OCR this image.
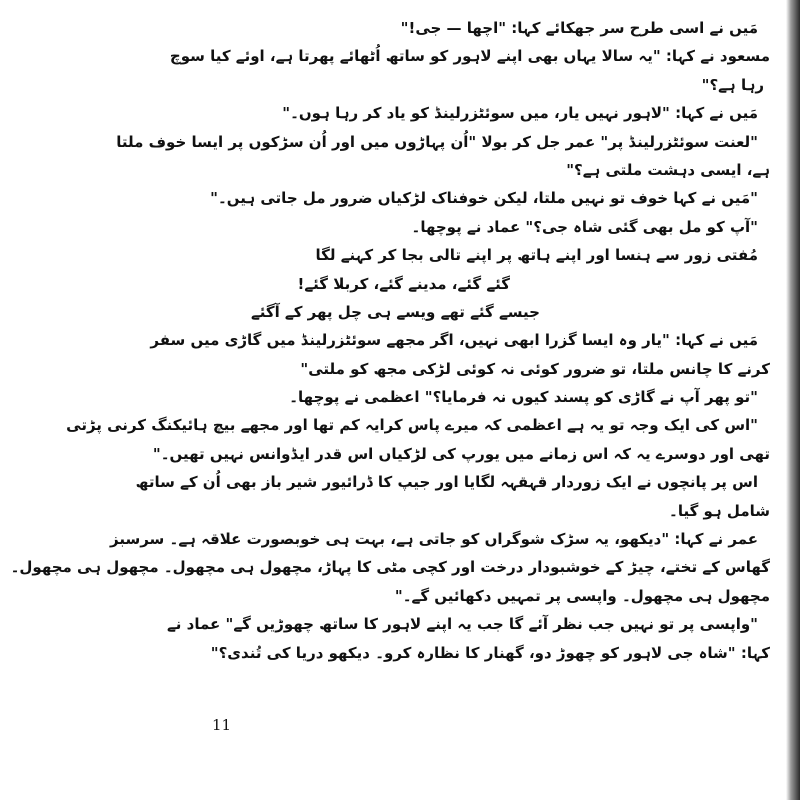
مَیں نے اسی طرح سر جھکائے کہا: "اچھا — جی!"
مسعود نے کہا: "یہ سالا یہاں بھی اپنے لاہور کو ساتھ اُٹھائے پھرتا ہے، اوئے کیا سوچ
رہا ہے؟"
مَیں نے کہا: "لاہور نہیں یار، میں سوئٹزرلینڈ کو یاد کر رہا ہوں۔"
"لعنت سوئٹزرلینڈ پر" عمر جل کر بولا "اُن پہاڑوں میں اور اُن سڑکوں پر ایسا خوف ملتا
ہے، ایسی دہشت ملتی ہے؟"
"مَیں نے کہا خوف تو نہیں ملتا، لیکن خوفناک لڑکیاں ضرور مل جاتی ہیں۔"
"آپ کو مل بھی گئی شاہ جی؟" عماد نے پوچھا۔
مُفتی زور سے ہنسا اور اپنے ہاتھ پر اپنے تالی بجا کر کہنے لگا
گئے گئے، مدینے گئے، کربلا گئے!
جیسے گئے تھے ویسے ہی چل پھر کے آگئے
مَیں نے کہا: "یار وہ ایسا گزرا ابھی نہیں، اگر مجھے سوئٹزرلینڈ میں گاڑی میں سفر
کرنے کا چانس ملتا، تو ضرور کوئی نہ کوئی لڑکی مجھ کو ملتی"
"تو پھر آپ نے گاڑی کو پسند کیوں نہ فرمایا؟" اعظمی نے پوچھا۔
"اس کی ایک وجہ تو یہ ہے اعظمی کہ میرے پاس کرایہ کم تھا اور مجھے بیچ ہائیکنگ کرنی پڑتی
تھی اور دوسرے یہ کہ اس زمانے میں یورپ کی لڑکیاں اس قدر ایڈوانس نہیں تھیں۔"
اس پر پانچوں نے ایک زوردار قہقہہ لگایا اور جیپ کا ڈرائیور شیر باز بھی اُن کے ساتھ
شامل ہو گیا۔
عمر نے کہا: "دیکھو، یہ سڑک شوگراں کو جاتی ہے، بہت ہی خوبصورت علاقہ ہے۔ سرسبز
گھاس کے تختے، چیڑ کے خوشبودار درخت اور کچی مٹی کا پہاڑ، مچھول ہی مچھول۔ مچھول ہی مچھول۔
مچھول ہی مچھول۔ واپسی پر تمہیں دکھائیں گے۔"
"واپسی پر تو نہیں جب نظر آئے گا جب یہ اپنے لاہور کا ساتھ چھوڑیں گے" عماد نے
کہا: "شاہ جی لاہور کو چھوڑ دو، گھنار کا نظارہ کرو۔ دیکھو دریا کی تُندی؟"
11
